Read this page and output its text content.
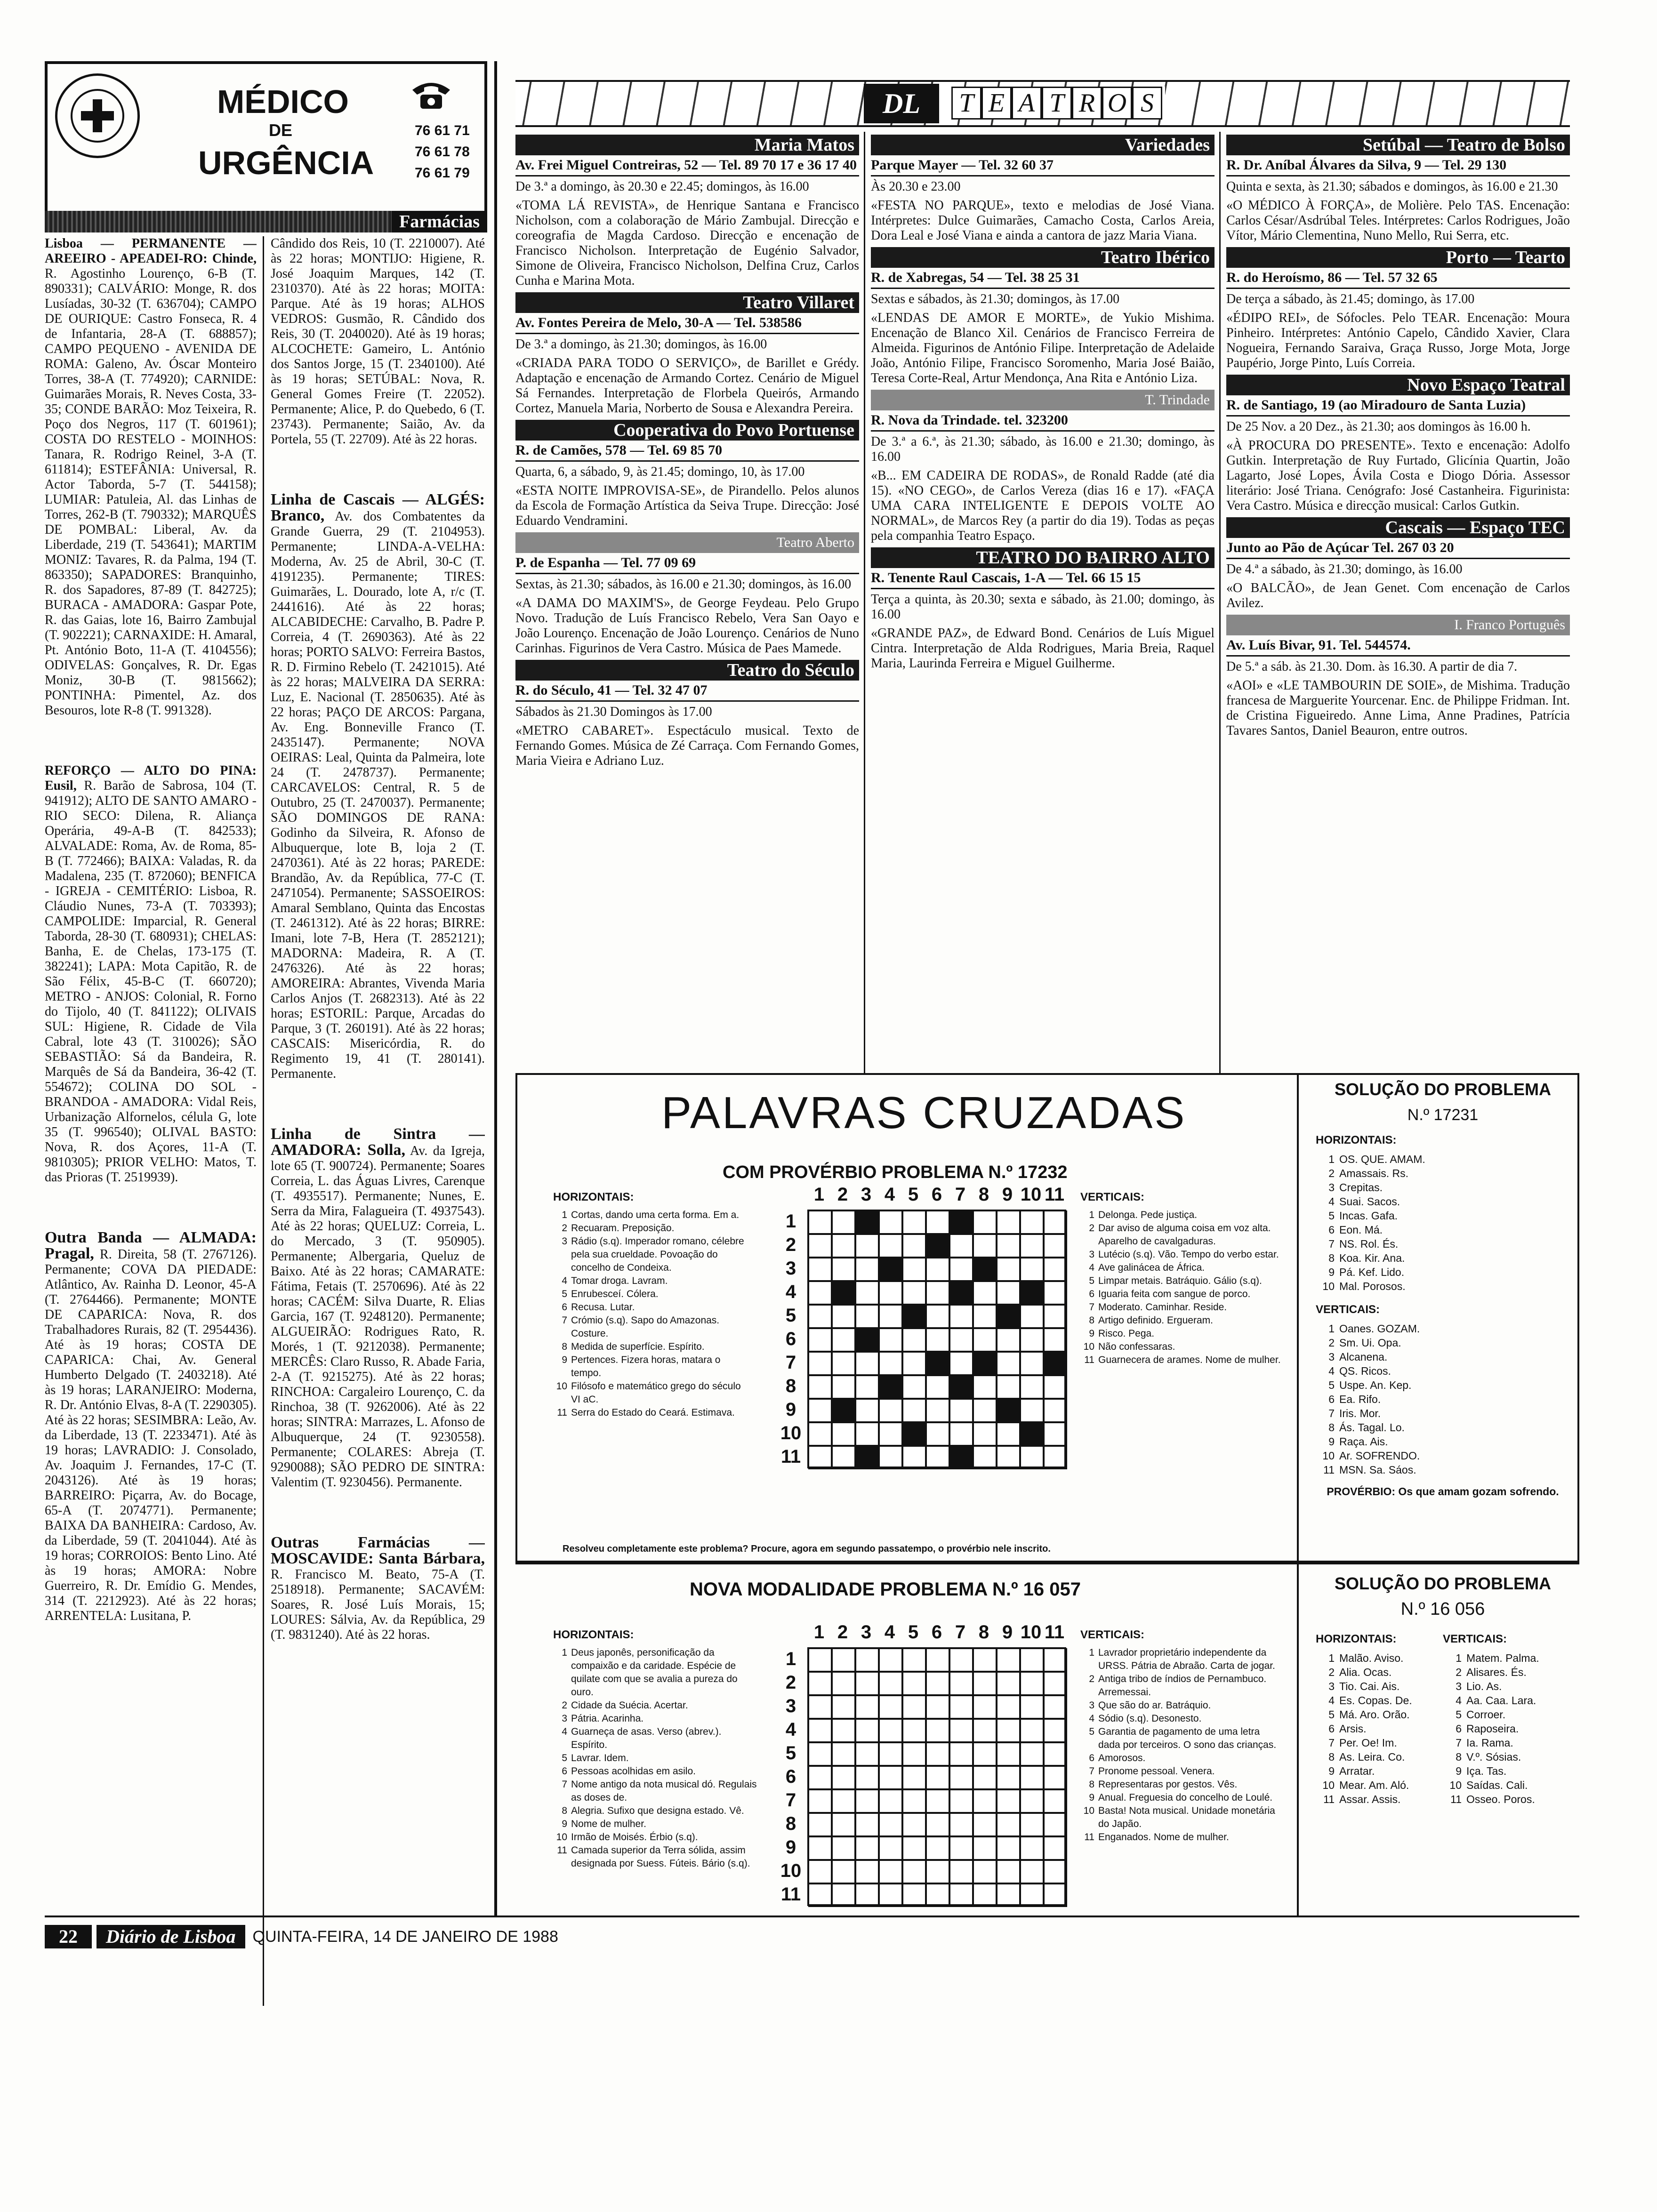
MÉDICO
DE
URGÊNCIA
76 61 71
76 61 78
76 61 79
Farmácias
Lisboa — PERMANENTE — AREEIRO - APEADEI-RO: Chinde, R. Agostinho Lourenço, 6-B (T. 890331); CALVÁRIO: Monge, R. dos Lusíadas, 30-32 (T. 636704); CAMPO DE OURIQUE: Castro Fonseca, R. 4 de Infantaria, 28-A (T. 688857); CAMPO PEQUENO - AVENIDA DE ROMA: Galeno, Av. Óscar Monteiro Torres, 38-A (T. 774920); CARNIDE: Guimarães Morais, R. Neves Costa, 33-35; CONDE BARÃO: Moz Teixeira, R. Poço dos Negros, 117 (T. 601961); COSTA DO RESTELO - MOINHOS: Tanara, R. Rodrigo Reinel, 3-A (T. 611814); ESTEFÂNIA: Universal, R. Actor Taborda, 5-7 (T. 544158); LUMIAR: Patuleia, Al. das Linhas de Torres, 262-B (T. 790332); MARQUÊS DE POMBAL: Liberal, Av. da Liberdade, 219 (T. 543641); MARTIM MONIZ: Tavares, R. da Palma, 194 (T. 863350); SAPADORES: Branquinho, R. dos Sapadores, 87-89 (T. 842725); BURACA - AMADORA: Gaspar Pote, R. das Gaias, lote 16, Bairro Zambujal (T. 902221); CARNAXIDE: H. Amaral, Pt. António Boto, 11-A (T. 4104556); ODIVELAS: Gonçalves, R. Dr. Egas Moniz, 30-B (T. 9815662); PONTINHA: Pimentel, Az. dos Besouros, lote R-8 (T. 991328).
REFORÇO — ALTO DO PINA: Eusil, R. Barão de Sabrosa, 104 (T. 941912); ALTO DE SANTO AMARO - RIO SECO: Dilena, R. Aliança Operária, 49-A-B (T. 842533); ALVALADE: Roma, Av. de Roma, 85-B (T. 772466); BAIXA: Valadas, R. da Madalena, 235 (T. 872060); BENFICA - IGREJA - CEMITÉRIO: Lisboa, R. Cláudio Nunes, 73-A (T. 703393); CAMPOLIDE: Imparcial, R. General Taborda, 28-30 (T. 680931); CHELAS: Banha, E. de Chelas, 173-175 (T. 382241); LAPA: Mota Capitão, R. de São Félix, 45-B-C (T. 660720); METRO - ANJOS: Colonial, R. Forno do Tijolo, 40 (T. 841122); OLIVAIS SUL: Higiene, R. Cidade de Vila Cabral, lote 43 (T. 310026); SÃO SEBASTIÃO: Sá da Bandeira, R. Marquês de Sá da Bandeira, 36-42 (T. 554672); COLINA DO SOL - BRANDOA - AMADORA: Vidal Reis, Urbanização Alfornelos, célula G, lote 35 (T. 996540); OLIVAL BASTO: Nova, R. dos Açores, 11-A (T. 9810305); PRIOR VELHO: Matos, T. das Prioras (T. 2519939).
Outra Banda — ALMADA: Pragal, R. Direita, 58 (T. 2767126). Permanente; COVA DA PIEDADE: Atlântico, Av. Rainha D. Leonor, 45-A (T. 2764466). Permanente; MONTE DE CAPARICA: Nova, R. dos Trabalhadores Rurais, 82 (T. 2954436). Até às 19 horas; COSTA DE CAPARICA: Chai, Av. General Humberto Delgado (T. 2403218). Até às 19 horas; LARANJEIRO: Moderna, R. Dr. António Elvas, 8-A (T. 2290305). Até às 22 horas; SESIMBRA: Leão, Av. da Liberdade, 13 (T. 2233471). Até às 19 horas; LAVRADIO: J. Consolado, Av. Joaquim J. Fernandes, 17-C (T. 2043126). Até às 19 horas; BARREIRO: Piçarra, Av. do Bocage, 65-A (T. 2074771). Permanente; BAIXA DA BANHEIRA: Cardoso, Av. da Liberdade, 59 (T. 2041044). Até às 19 horas; CORROIOS: Bento Lino. Até às 19 horas; AMORA: Nobre Guerreiro, R. Dr. Emídio G. Mendes, 314 (T. 2212923). Até às 22 horas; ARRENTELA: Lusitana, P.
Cândido dos Reis, 10 (T. 2210007). Até às 22 horas; MONTIJO: Higiene, R. José Joaquim Marques, 142 (T. 2310370). Até às 22 horas; MOITA: Parque. Até às 19 horas; ALHOS VEDROS: Gusmão, R. Cândido dos Reis, 30 (T. 2040020). Até às 19 horas; ALCOCHETE: Gameiro, L. António dos Santos Jorge, 15 (T. 2340100). Até às 19 horas; SETÚBAL: Nova, R. General Gomes Freire (T. 22052). Permanente; Alice, P. do Quebedo, 6 (T. 23743). Permanente; Saião, Av. da Portela, 55 (T. 22709). Até às 22 horas.
Linha de Cascais — ALGÉS: Branco, Av. dos Combatentes da Grande Guerra, 29 (T. 2104953). Permanente; LINDA-A-VELHA: Moderna, Av. 25 de Abril, 30-C (T. 4191235). Permanente; TIRES: Guimarães, L. Dourado, lote A, r/c (T. 2441616). Até às 22 horas; ALCABIDECHE: Carvalho, B. Padre P. Correia, 4 (T. 2690363). Até às 22 horas; PORTO SALVO: Ferreira Bastos, R. D. Firmino Rebelo (T. 2421015). Até às 22 horas; MALVEIRA DA SERRA: Luz, E. Nacional (T. 2850635). Até às 22 horas; PAÇO DE ARCOS: Pargana, Av. Eng. Bonneville Franco (T. 2435147). Permanente; NOVA OEIRAS: Leal, Quinta da Palmeira, lote 24 (T. 2478737). Permanente; CARCAVELOS: Central, R. 5 de Outubro, 25 (T. 2470037). Permanente; SÃO DOMINGOS DE RANA: Godinho da Silveira, R. Afonso de Albuquerque, lote B, loja 2 (T. 2470361). Até às 22 horas; PAREDE: Brandão, Av. da República, 77-C (T. 2471054). Permanente; SASSOEIROS: Amaral Semblano, Quinta das Encostas (T. 2461312). Até às 22 horas; BIRRE: Imani, lote 7-B, Hera (T. 2852121); MADORNA: Madeira, R. A (T. 2476326). Até às 22 horas; AMOREIRA: Abrantes, Vivenda Maria Carlos Anjos (T. 2682313). Até às 22 horas; ESTORIL: Parque, Arcadas do Parque, 3 (T. 260191). Até às 22 horas; CASCAIS: Misericórdia, R. do Regimento 19, 41 (T. 280141). Permanente.
Linha de Sintra — AMADORA: Solla, Av. da Igreja, lote 65 (T. 900724). Permanente; Soares Correia, L. das Águas Livres, Carenque (T. 4935517). Permanente; Nunes, E. Serra da Mira, Falagueira (T. 4937543). Até às 22 horas; QUELUZ: Correia, L. do Mercado, 3 (T. 950905). Permanente; Albergaria, Queluz de Baixo. Até às 22 horas; CAMARATE: Fátima, Fetais (T. 2570696). Até às 22 horas; CACÉM: Silva Duarte, R. Elias Garcia, 167 (T. 9248120). Permanente; ALGUEIRÃO: Rodrigues Rato, R. Morés, 1 (T. 9212038). Permanente; MERCÊS: Claro Russo, R. Abade Faria, 2-A (T. 9215275). Até às 22 horas; RINCHOA: Cargaleiro Lourenço, C. da Rinchoa, 38 (T. 9262006). Até às 22 horas; SINTRA: Marrazes, L. Afonso de Albuquerque, 24 (T. 9230558). Permanente; COLARES: Abreja (T. 9290088); SÃO PEDRO DE SINTRA: Valentim (T. 9230456). Permanente.
Outras Farmácias — MOSCAVIDE: Santa Bárbara, R. Francisco M. Beato, 75-A (T. 2518918). Permanente; SACAVÉM: Soares, R. José Luís Morais, 15; LOURES: Sálvia, Av. da República, 29 (T. 9831240). Até às 22 horas.
DL	T E A T R O S
Maria Matos
Av. Frei Miguel Contreiras, 52 — Tel. 89 70 17 e 36 17 40
De 3.ª a domingo, às 20.30 e 22.45; domingos, às 16.00
«TOMA LÁ REVISTA», de Henrique Santana e Francisco Nicholson, com a colaboração de Mário Zambujal. Direcção e coreografia de Magda Cardoso. Direcção e encenação de Francisco Nicholson. Interpretação de Eugénio Salvador, Simone de Oliveira, Francisco Nicholson, Delfina Cruz, Carlos Cunha e Marina Mota.
Teatro Villaret
Av. Fontes Pereira de Melo, 30-A — Tel. 538586
De 3.ª a domingo, às 21.30; domingos, às 16.00
«CRIADA PARA TODO O SERVIÇO», de Barillet e Grédy. Adaptação e encenação de Armando Cortez. Cenário de Miguel Sá Fernandes. Interpretação de Florbela Queirós, Armando Cortez, Manuela Maria, Norberto de Sousa e Alexandra Pereira.
Cooperativa do Povo Portuense
R. de Camões, 578 — Tel. 69 85 70
Quarta, 6, a sábado, 9, às 21.45; domingo, 10, às 17.00
«ESTA NOITE IMPROVISA-SE», de Pirandello. Pelos alunos da Escola de Formação Artística da Seiva Trupe. Direcção: José Eduardo Vendramini.
Teatro Aberto
P. de Espanha — Tel. 77 09 69
Sextas, às 21.30; sábados, às 16.00 e 21.30; domingos, às 16.00
«A DAMA DO MAXIM'S», de George Feydeau. Pelo Grupo Novo. Tradução de Luís Francisco Rebelo, Vera San Oayo e João Lourenço. Encenação de João Lourenço. Cenários de Nuno Carinhas. Figurinos de Vera Castro. Música de Paes Mamede.
Teatro do Século
R. do Século, 41 — Tel. 32 47 07
Sábados às 21.30 Domingos às 17.00
«METRO CABARET». Espectáculo musical. Texto de Fernando Gomes. Música de Zé Carraça. Com Fernando Gomes, Maria Vieira e Adriano Luz.
Variedades
Parque Mayer — Tel. 32 60 37
Às 20.30 e 23.00
«FESTA NO PARQUE», texto e melodias de José Viana. Intérpretes: Dulce Guimarães, Camacho Costa, Carlos Areia, Dora Leal e José Viana e ainda a cantora de jazz Maria Viana.
Teatro Ibérico
R. de Xabregas, 54 — Tel. 38 25 31
Sextas e sábados, às 21.30; domingos, às 17.00
«LENDAS DE AMOR E MORTE», de Yukio Mishima. Encenação de Blanco Xil. Cenários de Francisco Ferreira de Almeida. Figurinos de António Filipe. Interpretação de Adelaide João, António Filipe, Francisco Soromenho, Maria José Baião, Teresa Corte-Real, Artur Mendonça, Ana Rita e António Liza.
T. Trindade
R. Nova da Trindade. tel. 323200
De 3.ª a 6.ª, às 21.30; sábado, às 16.00 e 21.30; domingo, às 16.00
«B... EM CADEIRA DE RODAS», de Ronald Radde (até dia 15). «NO CEGO», de Carlos Vereza (dias 16 e 17). «FAÇA UMA CARA INTELIGENTE E DEPOIS VOLTE AO NORMAL», de Marcos Rey (a partir do dia 19). Todas as peças pela companhia Teatro Espaço.
TEATRO DO BAIRRO ALTO
R. Tenente Raul Cascais, 1-A — Tel. 66 15 15
Terça a quinta, às 20.30; sexta e sábado, às 21.00; domingo, às 16.00
«GRANDE PAZ», de Edward Bond. Cenários de Luís Miguel Cintra. Interpretação de Alda Rodrigues, Maria Breia, Raquel Maria, Laurinda Ferreira e Miguel Guilherme.
Setúbal — Teatro de Bolso
R. Dr. Aníbal Álvares da Silva, 9 — Tel. 29 130
Quinta e sexta, às 21.30; sábados e domingos, às 16.00 e 21.30
«O MÉDICO À FORÇA», de Molière. Pelo TAS. Encenação: Carlos César/Asdrúbal Teles. Intérpretes: Carlos Rodrigues, João Vítor, Mário Clementina, Nuno Mello, Rui Serra, etc.
Porto — Tearto
R. do Heroísmo, 86 — Tel. 57 32 65
De terça a sábado, às 21.45; domingo, às 17.00
«ÉDIPO REI», de Sófocles. Pelo TEAR. Encenação: Moura Pinheiro. Intérpretes: António Capelo, Cândido Xavier, Clara Nogueira, Fernando Saraiva, Graça Russo, Jorge Mota, Jorge Paupério, Jorge Pinto, Luís Correia.
Novo Espaço Teatral
R. de Santiago, 19 (ao Miradouro de Santa Luzia)
De 25 Nov. a 20 Dez., às 21.30; aos domingos às 16.00 h.
«À PROCURA DO PRESENTE». Texto e encenação: Adolfo Gutkin. Interpretação de Ruy Furtado, Glicínia Quartin, João Lagarto, José Lopes, Ávila Costa e Diogo Dória. Assessor literário: José Triana. Cenógrafo: José Castanheira. Figurinista: Vera Castro. Música e direcção musical: Carlos Gutkin.
Cascais — Espaço TEC
Junto ao Pão de Açúcar Tel. 267 03 20
De 4.ª a sábado, às 21.30; domingo, às 16.00
«O BALCÃO», de Jean Genet. Com encenação de Carlos Avilez.
I. Franco Português
Av. Luís Bivar, 91. Tel. 544574.
De 5.ª a sáb. às 21.30. Dom. às 16.30. A partir de dia 7.
«AOI» e «LE TAMBOURIN DE SOIE», de Mishima. Tradução francesa de Marguerite Yourcenar. Enc. de Philippe Fridman. Int. de Cristina Figueiredo. Anne Lima, Anne Pradines, Patrícia Tavares Santos, Daniel Beauron, entre outros.
PALAVRAS CRUZADAS
COM PROVÉRBIO PROBLEMA N.º 17232
HORIZONTAIS:
1 Cortas, dando uma certa forma. Em a.
2 Recuaram. Preposição.
3 Rádio (s.q). Imperador romano, célebre pela sua crueldade. Povoação do concelho de Condeixa.
4 Tomar droga. Lavram.
5 Enrubesceí. Cólera.
6 Recusa. Lutar.
7 Crómio (s.q). Sapo do Amazonas. Costure.
8 Medida de superfície. Espírito.
9 Pertences. Fizera horas, matara o tempo.
10 Filósofo e matemático grego do século VI aC.
11 Serra do Estado do Ceará. Estimava.
VERTICAIS:
1 Delonga. Pede justiça.
2 Dar aviso de alguma coisa em voz alta. Aparelho de cavalgaduras.
3 Lutécio (s.q). Vão. Tempo do verbo estar.
4 Ave galinácea de África.
5 Limpar metais. Batráquio. Gálio (s.q).
6 Iguaria feita com sangue de porco.
7 Moderato. Caminhar. Reside.
8 Artigo definido. Ergueram.
9 Risco. Pega.
10 Não confessaras.
11 Guarnecera de arames. Nome de mulher.
1
1
2
2
3
3
4
4
5
5
6
6
7
7
8
8
9
9
10
10
11
11
Resolveu completamente este problema? Procure, agora em segundo passatempo, o provérbio nele inscrito.
SOLUÇÃO DO PROBLEMA
N.º 17231
HORIZONTAIS:
1 OS. QUE. AMAM.
2 Amassais. Rs.
3 Crepitas.
4 Suai. Sacos.
5 Incas. Gafa.
6 Eon. Má.
7 NS. Rol. És.
8 Koa. Kir. Ana.
9 Pá. Kef. Lido.
10 Mal. Porosos.
VERTICAIS:
1 Oanes. GOZAM.
2 Sm. Ui. Opa.
3 Alcanena.
4 QS. Ricos.
5 Uspe. An. Kep.
6 Ea. Rifo.
7 Iris. Mor.
8 Ás. Tagal. Lo.
9 Raça. Ais.
10 Ar. SOFRENDO.
11 MSN. Sa. Sáos.
PROVÉRBIO: Os que amam gozam sofrendo.
NOVA MODALIDADE PROBLEMA N.º 16 057
HORIZONTAIS:
1 Deus japonês, personificação da compaixão e da caridade. Espécie de quilate com que se avalia a pureza do ouro.
2 Cidade da Suécia. Acertar.
3 Pátria. Acarinha.
4 Guarneça de asas. Verso (abrev.). Espírito.
5 Lavrar. Idem.
6 Pessoas acolhidas em asilo.
7 Nome antigo da nota musical dó. Regulais as doses de.
8 Alegria. Sufixo que designa estado. Vê.
9 Nome de mulher.
10 Irmão de Moisés. Érbio (s.q).
11 Camada superior da Terra sólida, assim designada por Suess. Fúteis. Bário (s.q).
VERTICAIS:
1 Lavrador proprietário independente da URSS. Pátria de Abraão. Carta de jogar.
2 Antiga tribo de índios de Pernambuco. Arremessai.
3 Que são do ar. Batráquio.
4 Sódio (s.q). Desonesto.
5 Garantia de pagamento de uma letra dada por terceiros. O sono das crianças.
6 Amorosos.
7 Pronome pessoal. Venera.
8 Representaras por gestos. Vês.
9 Anual. Freguesia do concelho de Loulé.
10 Basta! Nota musical. Unidade monetária do Japão.
11 Enganados. Nome de mulher.
1
1
2
2
3
3
4
4
5
5
6
6
7
7
8
8
9
9
10
10
11
11
SOLUÇÃO DO PROBLEMA
N.º 16 056
HORIZONTAIS:
1 Malão. Aviso.
2 Alia. Ocas.
3 Tio. Cai. Ais.
4 Es. Copas. De.
5 Má. Aro. Orão.
6 Arsis.
7 Per. Oe! Im.
8 As. Leira. Co.
9 Arratar.
10 Mear. Am. Aló.
11 Assar. Assis.
VERTICAIS:
1 Matem. Palma.
2 Alisares. És.
3 Lio. As.
4 Aa. Caa. Lara.
5 Corroer.
6 Raposeira.
7 Ia. Rama.
8 V.º. Sósias.
9 Iça. Tas.
10 Saídas. Cali.
11 Osseo. Poros.
22	Diário de Lisboa	QUINTA-FEIRA, 14 DE JANEIRO DE 1988
